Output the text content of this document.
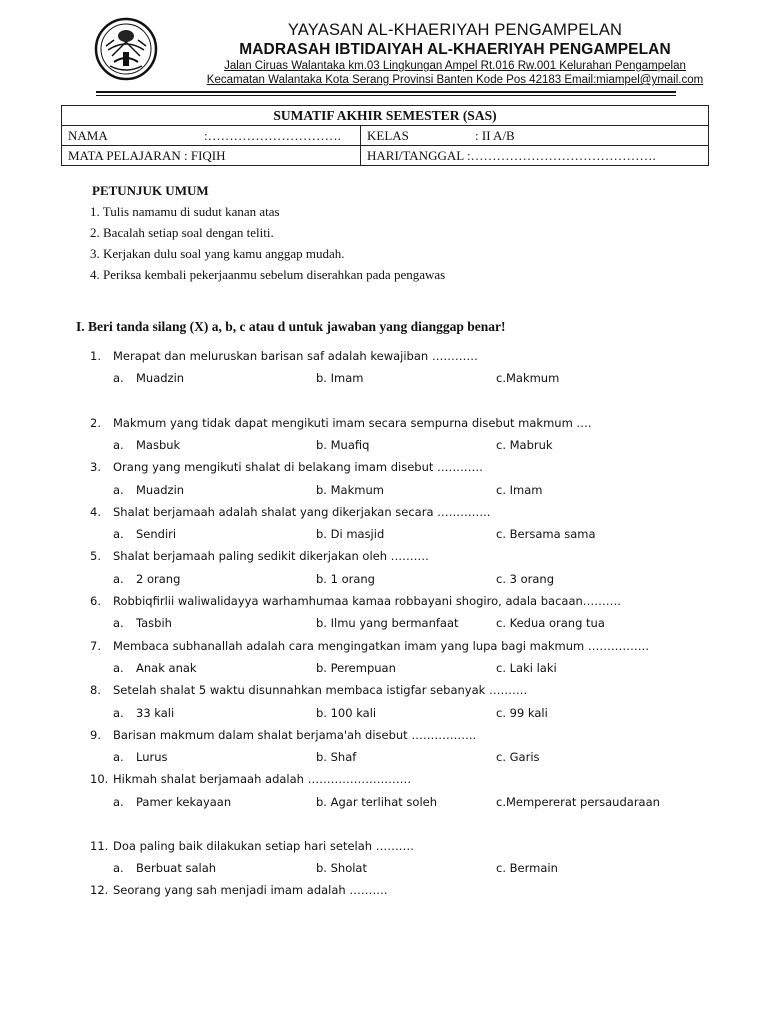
YAYASAN AL-KHAERIYAH PENGAMPELAN
MADRASAH IBTIDAIYAH AL-KHAERIYAH PENGAMPELAN
Jalan Ciruas Walantaka km.03 Lingkungan Ampel Rt.016 Rw.001 Kelurahan Pengampelan
Kecamatan Walantaka Kota Serang Provinsi Banten Kode Pos 42183 Email:miampel@ymail.com
SUMATIF AKHIR SEMESTER (SAS)	
NAMA :………………………….	KELAS : II A/B
MATA PELAJARAN : FIQIH	HARI/TANGGAL :…………………………………….
PETUNJUK UMUM
1. Tulis namamu di sudut kanan atas
2. Bacalah setiap soal dengan teliti.
3. Kerjakan dulu soal yang kamu anggap mudah.
4. Periksa kembali pekerjaanmu sebelum diserahkan pada pengawas
I. Beri tanda silang (X) a, b, c atau d untuk jawaban yang dianggap benar!
1. Merapat dan meluruskan barisan saf adalah kewajiban …………
a. Muadzin	b. Imam	c.Makmum
2. Makmum yang tidak dapat mengikuti imam secara sempurna disebut makmum ….
a. Masbuk	b. Muafiq	c. Mabruk
3. Orang yang mengikuti shalat di belakang imam disebut …………
a. Muadzin	b. Makmum	c. Imam
4. Shalat berjamaah adalah shalat yang dikerjakan secara …………..
a. Sendiri	b. Di masjid	c. Bersama sama
5. Shalat berjamaah paling sedikit dikerjakan oleh ……….
a. 2 orang	b. 1 orang	c. 3 orang
6. Robbiqfirlii waliwalidayya warhamhumaa kamaa robbayani shogiro, adala bacaan……….
a. Tasbih	b. Ilmu yang bermanfaat	c. Kedua orang tua
7. Membaca subhanallah adalah cara mengingatkan imam yang lupa bagi makmum …………….
a. Anak anak	b. Perempuan	c. Laki laki
8. Setelah shalat 5 waktu disunnahkan membaca istigfar sebanyak ……….
a. 33 kali	b. 100 kali	c. 99 kali
9. Barisan makmum dalam shalat berjama'ah disebut ……………..
a. Lurus	b. Shaf	c. Garis
10. Hikmah shalat berjamaah adalah ………………………
a. Pamer kekayaan	b. Agar terlihat soleh	c.Mempererat persaudaraan
11. Doa paling baik dilakukan setiap hari setelah ……….
a. Berbuat salah	b. Sholat	c. Bermain
12. Seorang yang sah menjadi imam adalah ……….
